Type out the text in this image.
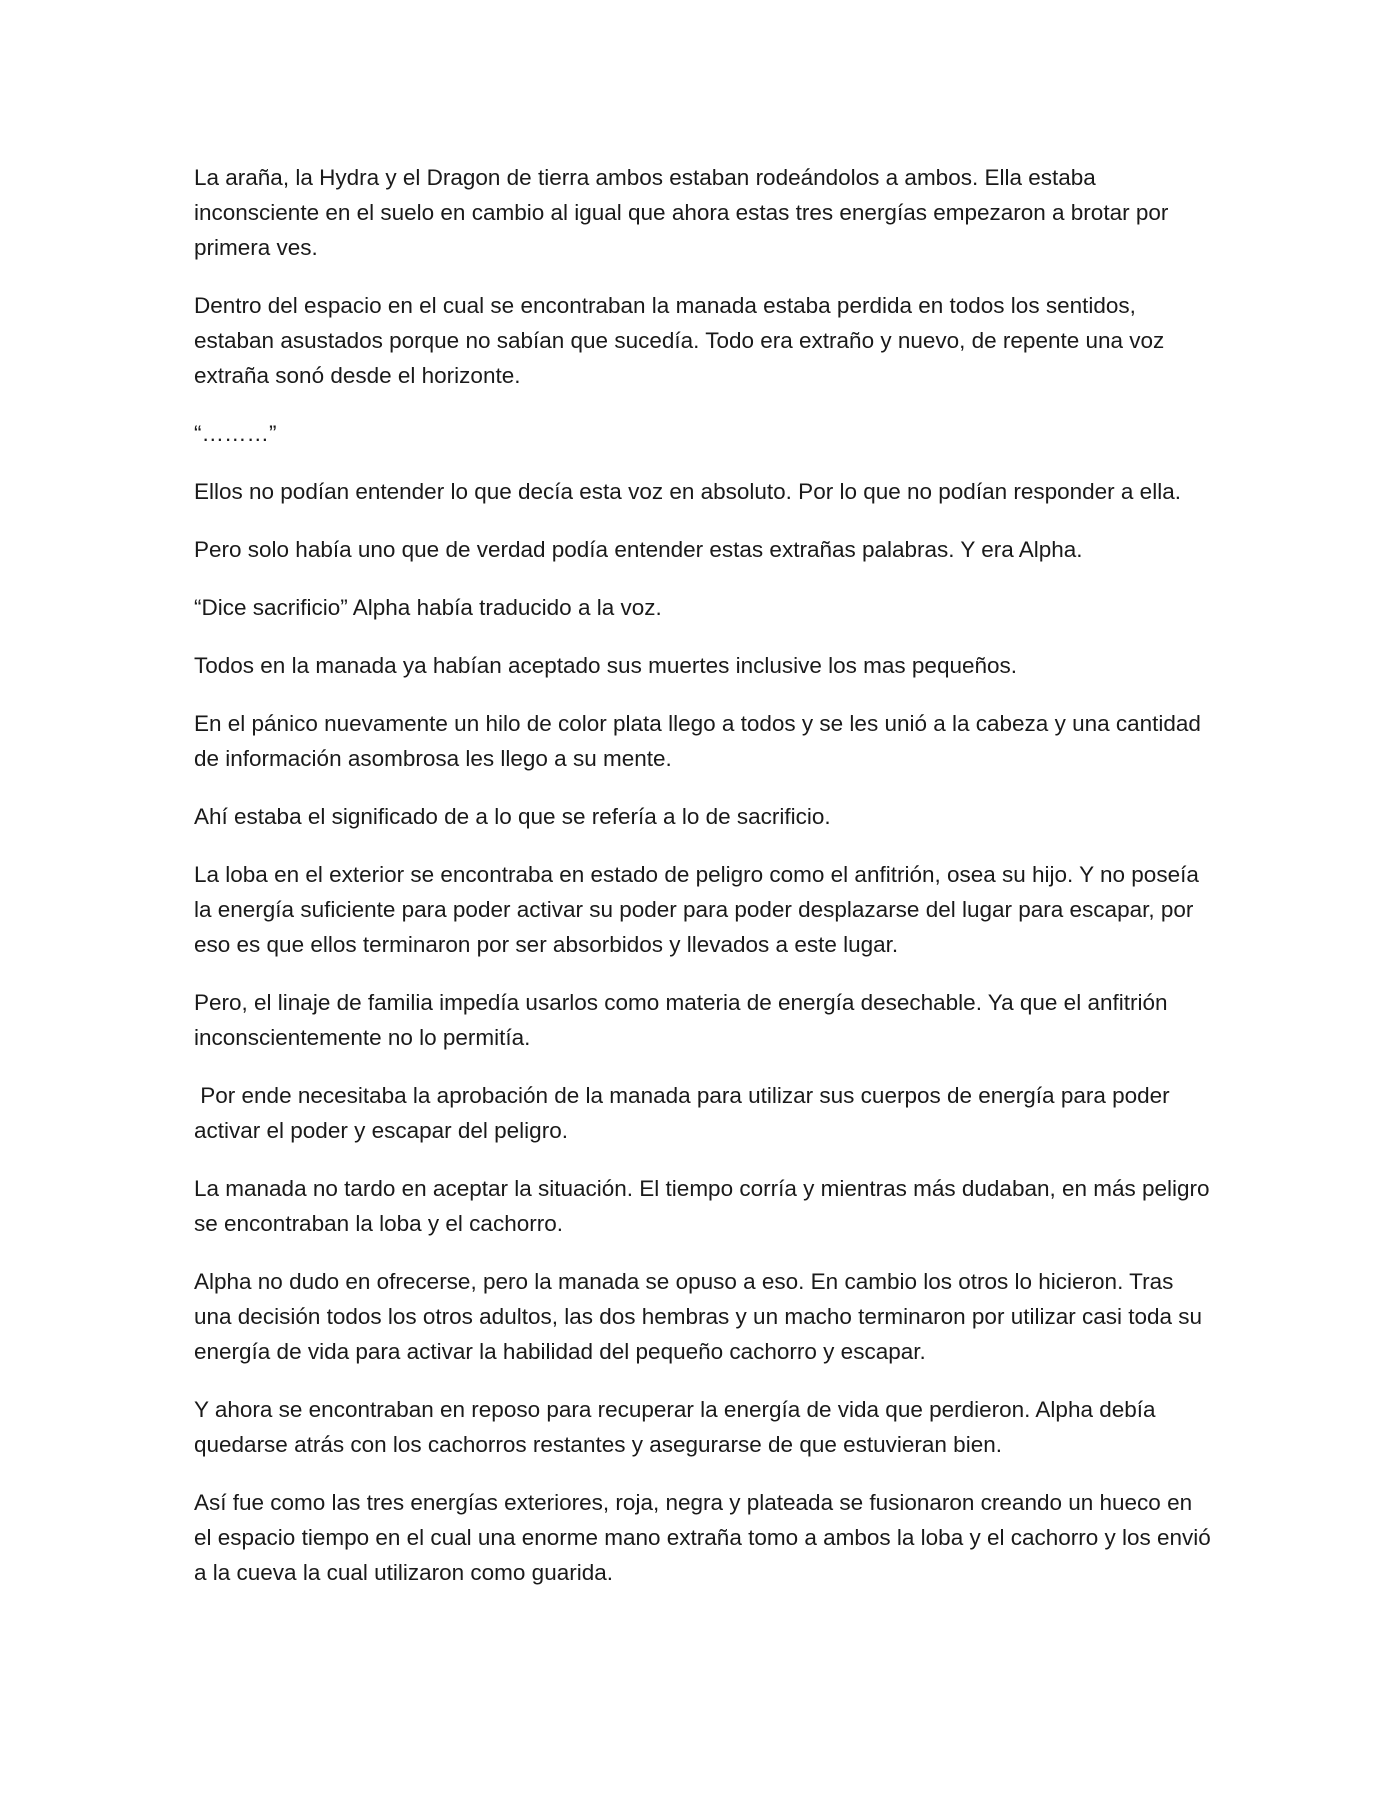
La araña, la Hydra y el Dragon de tierra ambos estaban rodeándolos a ambos. Ella estaba inconsciente en el suelo en cambio al igual que ahora estas tres energías empezaron a brotar por primera ves.

Dentro del espacio en el cual se encontraban la manada estaba perdida en todos los sentidos, estaban asustados porque no sabían que sucedía. Todo era extraño y nuevo, de repente una voz extraña sonó desde el horizonte.

“………”

Ellos no podían entender lo que decía esta voz en absoluto. Por lo que no podían responder a ella.

Pero solo había uno que de verdad podía entender estas extrañas palabras. Y era Alpha.

“Dice sacrificio” Alpha había traducido a la voz.

Todos en la manada ya habían aceptado sus muertes inclusive los mas pequeños.

En el pánico nuevamente un hilo de color plata llego a todos y se les unió a la cabeza y una cantidad de información asombrosa les llego a su mente.

Ahí estaba el significado de a lo que se refería a lo de sacrificio.

La loba en el exterior se encontraba en estado de peligro como el anfitrión, osea su hijo. Y no poseía la energía suficiente para poder activar su poder para poder desplazarse del lugar para escapar, por eso es que ellos terminaron por ser absorbidos y llevados a este lugar.

Pero, el linaje de familia impedía usarlos como materia de energía desechable. Ya que el anfitrión inconscientemente no lo permitía.

Por ende necesitaba la aprobación de la manada para utilizar sus cuerpos de energía para poder activar el poder y escapar del peligro.

La manada no tardo en aceptar la situación. El tiempo corría y mientras más dudaban, en más peligro se encontraban la loba y el cachorro.

Alpha no dudo en ofrecerse, pero la manada se opuso a eso. En cambio los otros lo hicieron. Tras una decisión todos los otros adultos, las dos hembras y un macho terminaron por utilizar casi toda su energía de vida para activar la habilidad del pequeño cachorro y escapar.

Y ahora se encontraban en reposo para recuperar la energía de vida que perdieron. Alpha debía quedarse atrás con los cachorros restantes y asegurarse de que estuvieran bien.

Así fue como las tres energías exteriores, roja, negra y plateada se fusionaron creando un hueco en el espacio tiempo en el cual una enorme mano extraña tomo a ambos la loba y el cachorro y los envió a la cueva la cual utilizaron como guarida.
